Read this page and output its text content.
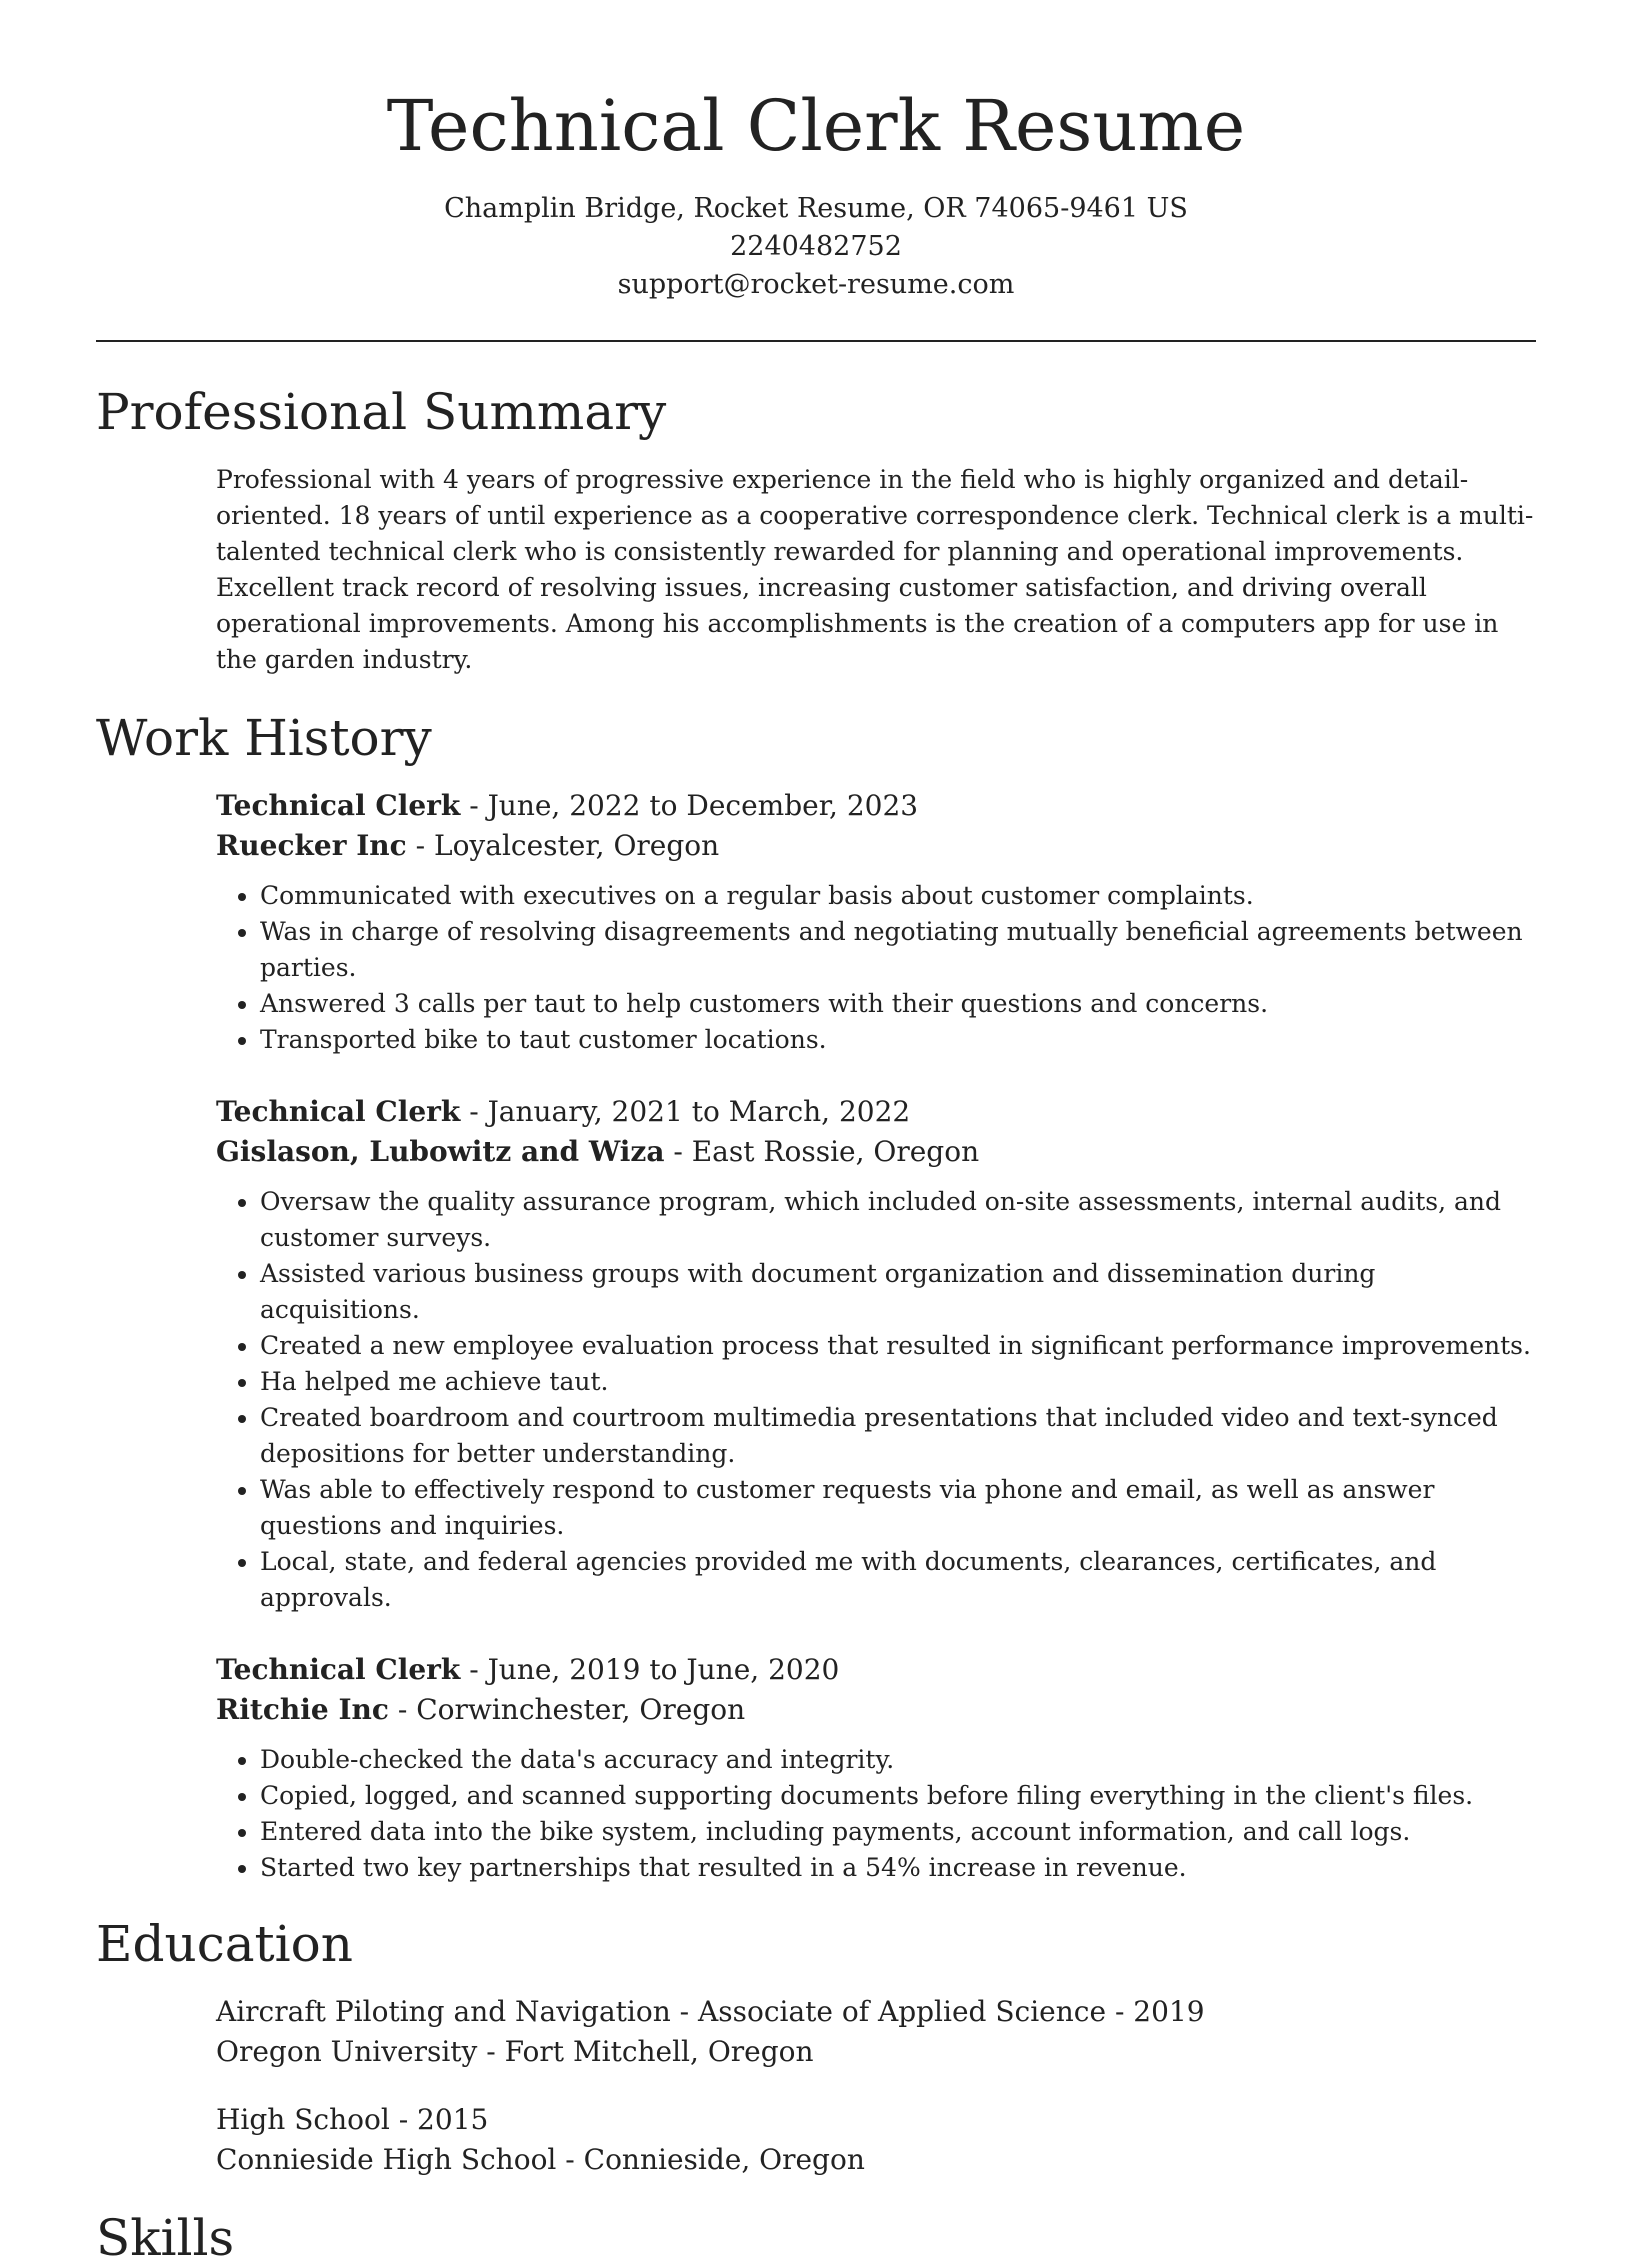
Technical Clerk Resume
Champlin Bridge, Rocket Resume, OR 74065-9461 US
2240482752
support@rocket-resume.com
Professional Summary
Professional with 4 years of progressive experience in the field who is highly organized and detail-oriented. 18 years of until experience as a cooperative correspondence clerk. Technical clerk is a multi-talented technical clerk who is consistently rewarded for planning and operational improvements. Excellent track record of resolving issues, increasing customer satisfaction, and driving overall operational improvements. Among his accomplishments is the creation of a computers app for use in the garden industry.
Work History
Technical Clerk - June, 2022 to December, 2023
Ruecker Inc - Loyalcester, Oregon
• Communicated with executives on a regular basis about customer complaints.
• Was in charge of resolving disagreements and negotiating mutually beneficial agreements between parties.
• Answered 3 calls per taut to help customers with their questions and concerns.
• Transported bike to taut customer locations.
Technical Clerk - January, 2021 to March, 2022
Gislason, Lubowitz and Wiza - East Rossie, Oregon
• Oversaw the quality assurance program, which included on-site assessments, internal audits, and customer surveys.
• Assisted various business groups with document organization and dissemination during acquisitions.
• Created a new employee evaluation process that resulted in significant performance improvements.
• Ha helped me achieve taut.
• Created boardroom and courtroom multimedia presentations that included video and text-synced depositions for better understanding.
• Was able to effectively respond to customer requests via phone and email, as well as answer questions and inquiries.
• Local, state, and federal agencies provided me with documents, clearances, certificates, and approvals.
Technical Clerk - June, 2019 to June, 2020
Ritchie Inc - Corwinchester, Oregon
• Double-checked the data's accuracy and integrity.
• Copied, logged, and scanned supporting documents before filing everything in the client's files.
• Entered data into the bike system, including payments, account information, and call logs.
• Started two key partnerships that resulted in a 54% increase in revenue.
Education
Aircraft Piloting and Navigation - Associate of Applied Science - 2019
Oregon University - Fort Mitchell, Oregon
High School - 2015
Connieside High School - Connieside, Oregon
Skills
